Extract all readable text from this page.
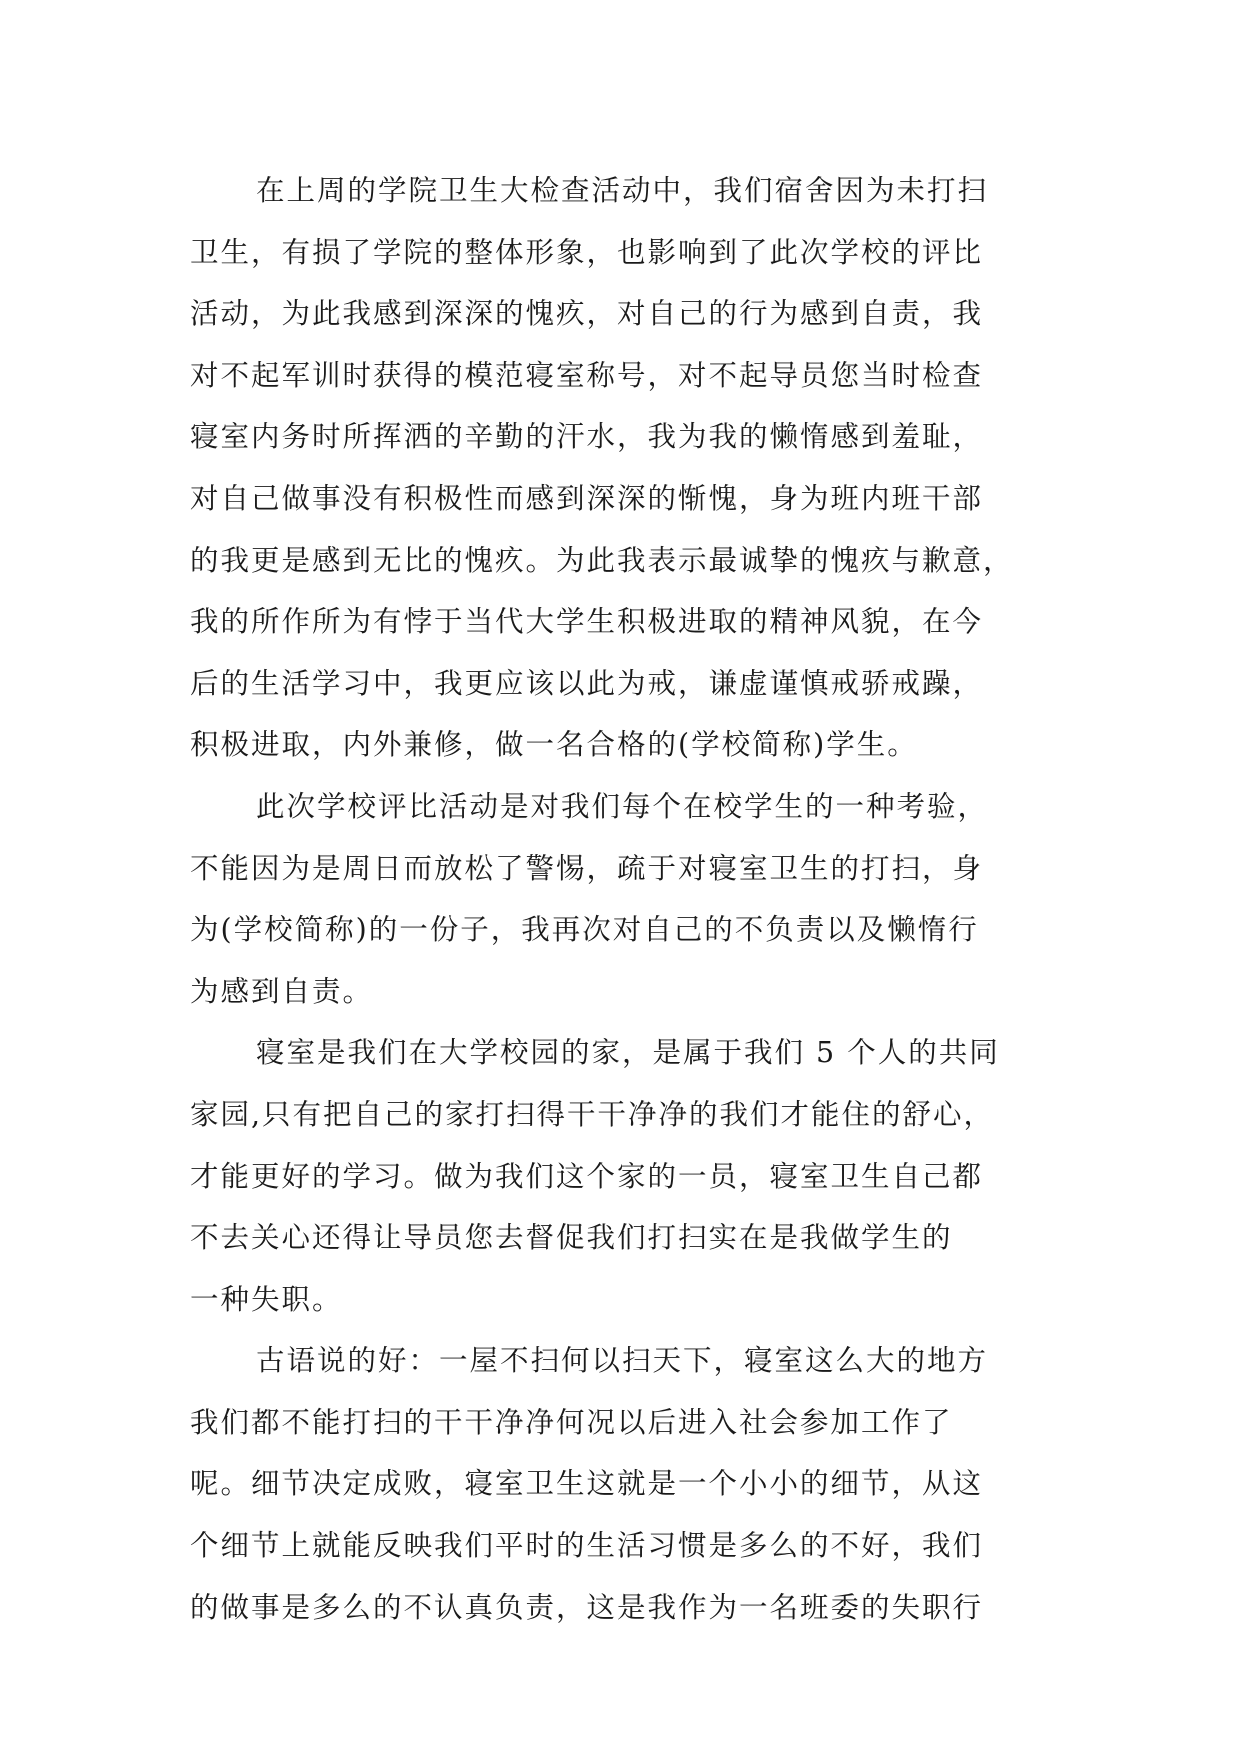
在上周的学院卫生大检查活动中，我们宿舍因为未打扫
卫生，有损了学院的整体形象，也影响到了此次学校的评比
活动，为此我感到深深的愧疚，对自己的行为感到自责，我
对不起军训时获得的模范寝室称号，对不起导员您当时检查
寝室内务时所挥洒的辛勤的汗水，我为我的懒惰感到羞耻，
对自己做事没有积极性而感到深深的惭愧，身为班内班干部
的我更是感到无比的愧疚。为此我表示最诚挚的愧疚与歉意，
我的所作所为有悖于当代大学生积极进取的精神风貌，在今
后的生活学习中，我更应该以此为戒，谦虚谨慎戒骄戒躁，
积极进取，内外兼修，做一名合格的(学校简称)学生。
此次学校评比活动是对我们每个在校学生的一种考验，
不能因为是周日而放松了警惕，疏于对寝室卫生的打扫，身
为(学校简称)的一份子，我再次对自己的不负责以及懒惰行
为感到自责。
寝室是我们在大学校园的家，是属于我们 5 个人的共同
家园,只有把自己的家打扫得干干净净的我们才能住的舒心，
才能更好的学习。做为我们这个家的一员，寝室卫生自己都
不去关心还得让导员您去督促我们打扫实在是我做学生的
一种失职。
古语说的好：一屋不扫何以扫天下，寝室这么大的地方
我们都不能打扫的干干净净何况以后进入社会参加工作了
呢。细节决定成败，寝室卫生这就是一个小小的细节，从这
个细节上就能反映我们平时的生活习惯是多么的不好，我们
的做事是多么的不认真负责，这是我作为一名班委的失职行
